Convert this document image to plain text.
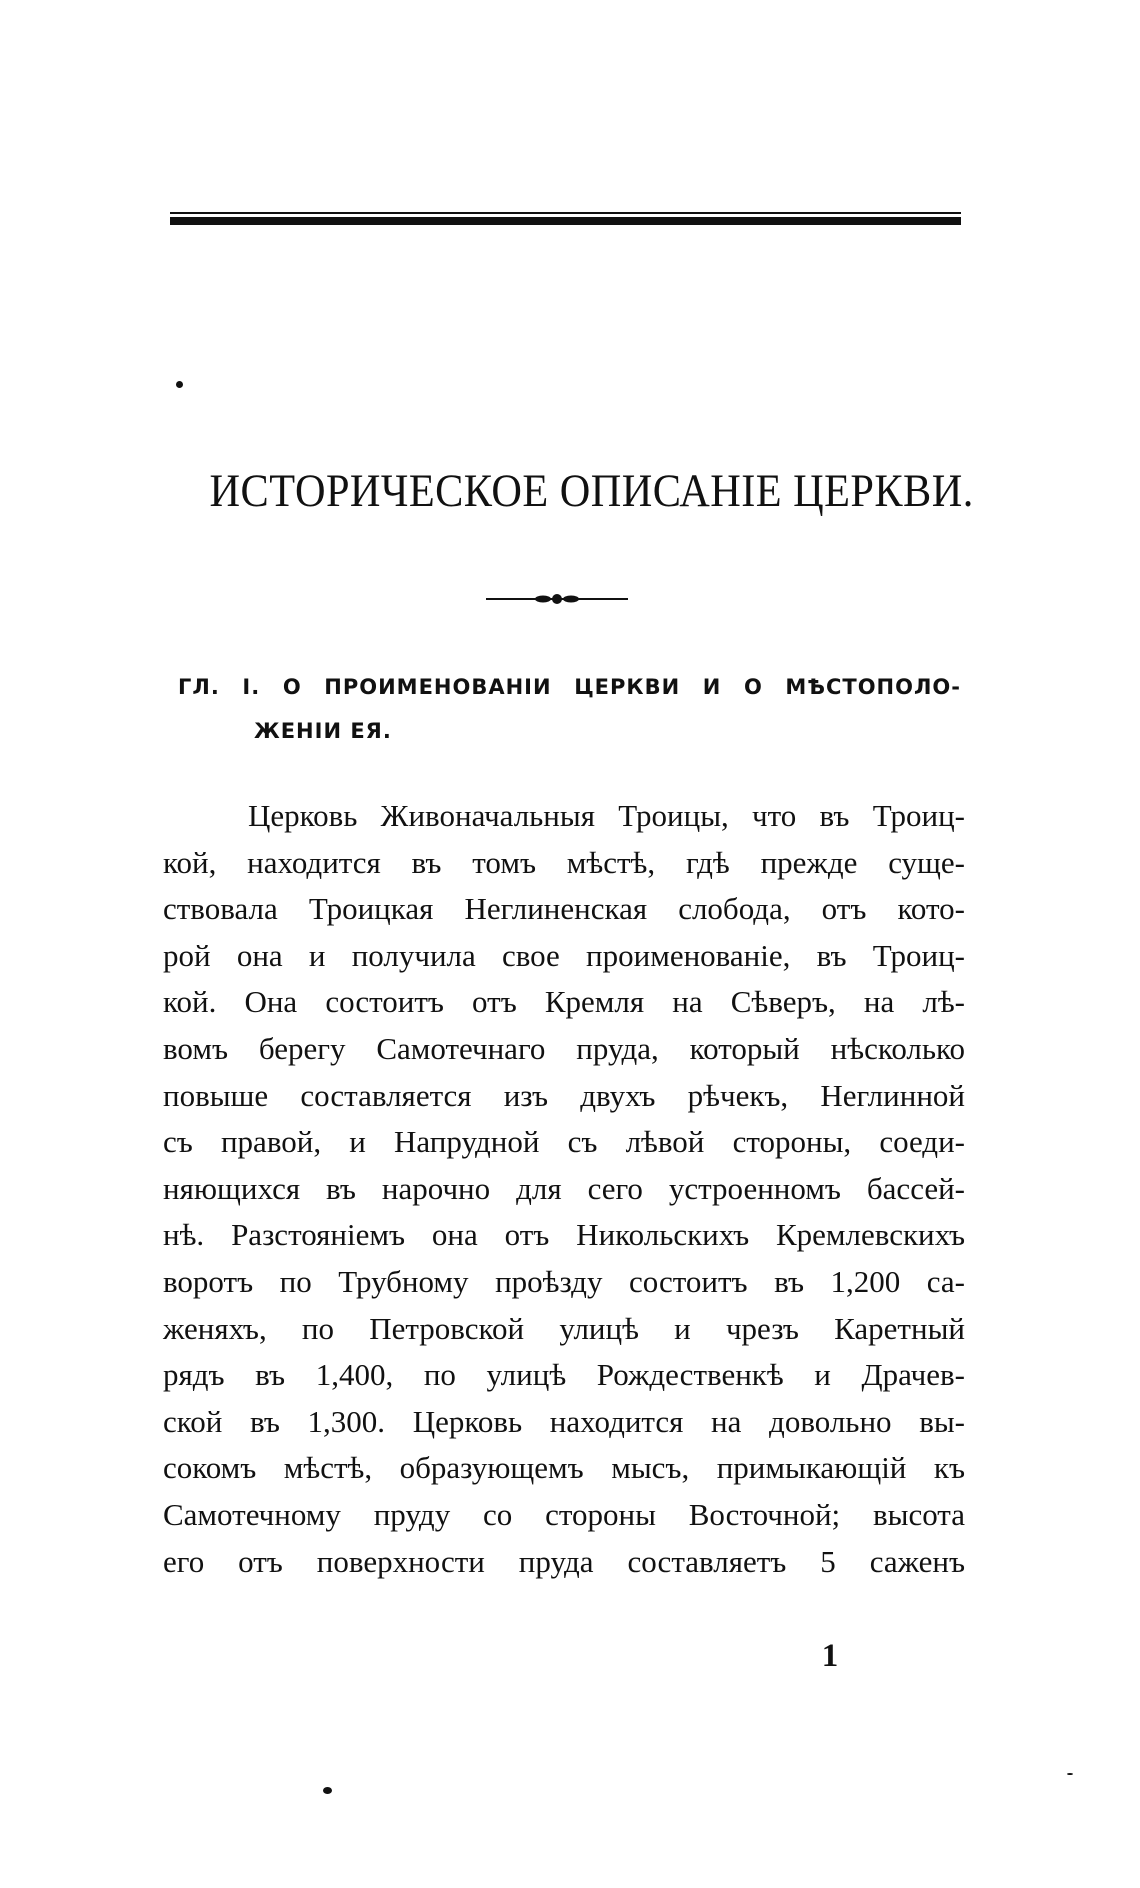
ИСТОРИЧЕСКОЕ ОПИСАНІЕ ЦЕРКВИ.
ГЛ. I. О ПРОИМЕНОВАНІИ ЦЕРКВИ И О МѢСТОПОЛО-
ЖЕНІИ ЕЯ.
Церковь Живоначальныя Троицы, что въ Троиц-
кой, находится въ томъ мѣстѣ, гдѣ прежде суще-
ствовала Троицкая Неглиненская слобода, отъ кото-
рой она и получила свое проименованіе, въ Троиц-
кой. Она состоитъ отъ Кремля на Сѣверъ, на лѣ-
вомъ берегу Самотечнаго пруда, который нѣсколько
повыше составляется изъ двухъ рѣчекъ, Неглинной
съ правой, и Напрудной съ лѣвой стороны, соеди-
няющихся въ нарочно для сего устроенномъ бассей-
нѣ. Разстояніемъ она отъ Никольскихъ Кремлевскихъ
воротъ по Трубному проѣзду состоитъ въ 1,200 са-
женяхъ, по Петровской улицѣ и чрезъ Каретный
рядъ въ 1,400, по улицѣ Рождественкѣ и Драчев-
ской въ 1,300. Церковь находится на довольно вы-
сокомъ мѣстѣ, образующемъ мысъ, примыкающій къ
Самотечному пруду со стороны Восточной; высота
его отъ поверхности пруда составляетъ 5 саженъ
1
